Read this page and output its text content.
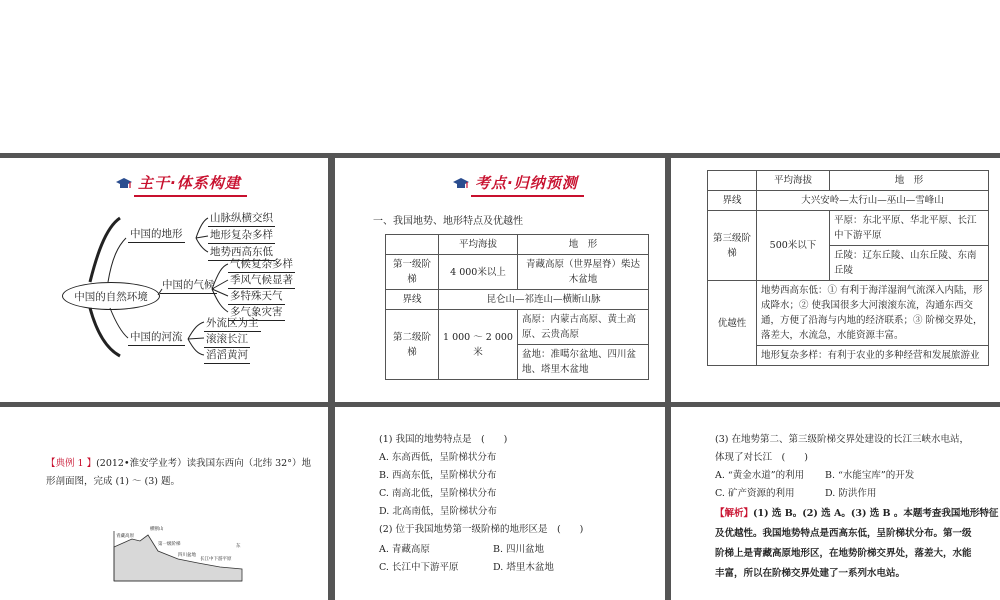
主干·体系构建
中国的自然环境
中国的地形
山脉纵横交织
地形复杂多样
地势西高东低
中国的气候
气候复杂多样
季风气候显著
多特殊天气
多气象灾害
中国的河流
外流区为主
滚滚长江
滔滔黄河
考点·归纳预测
一、我国地势、地形特点及优越性
	平均海拔	地　形
第一级阶梯	4 000米以上	青藏高原（世界屋脊）柴达木盆地
界线	昆仑山—祁连山—横断山脉	
第二级阶梯	1 000 ～ 2 000 米	高原：内蒙古高原、黄土高原、云贵高原
		盆地：准噶尔盆地、四川盆地、塔里木盆地
	平均海拔	地　形
界线	大兴安岭—太行山—巫山—雪峰山	
第三级阶梯	500米以下	平原：东北平原、华北平原、长江中下游平原
		丘陵：辽东丘陵、山东丘陵、东南丘陵
优越性	地势西高东低：① 有利于海洋湿润气流深入内陆，形成降水；② 使我国很多大河滚滚东流，沟通东西交通，方便了沿海与内地的经济联系；③ 阶梯交界处，落差大，水流急，水能资源丰富。	
	地形复杂多样：有利于农业的多种经营和发展旅游业	
【典例 1 】(2012•淮安学业考）读我国东西向（北纬 32°）地
形剖面图，完成 (1) ～ (3) 题。
横断山
青藏高原
第一级阶梯
四川盆地
长江中下游平原
东
(1) 我国的地势特点是　(　　)
A. 东高西低，呈阶梯状分布
B. 西高东低，呈阶梯状分布
C. 南高北低，呈阶梯状分布
D. 北高南低，呈阶梯状分布
(2) 位于我国地势第一级阶梯的地形区是　(　　)
A. 青藏高原	B. 四川盆地
C. 长江中下游平原	D. 塔里木盆地
(3) 在地势第二、第三级阶梯交界处建设的长江三峡水电站，
体现了对长江　(　　)
A. “黄金水道”的利用 B. “水能宝库”的开发
C. 矿产资源的利用	D. 防洪作用
【解析】(1) 选 B。(2) 选 A。(3) 选 B 。本题考查我国地形特征
及优越性。我国地势特点是西高东低，呈阶梯状分布。第一级
阶梯上是青藏高原地形区，在地势阶梯交界处，落差大，水能
丰富，所以在阶梯交界处建了一系列水电站。
